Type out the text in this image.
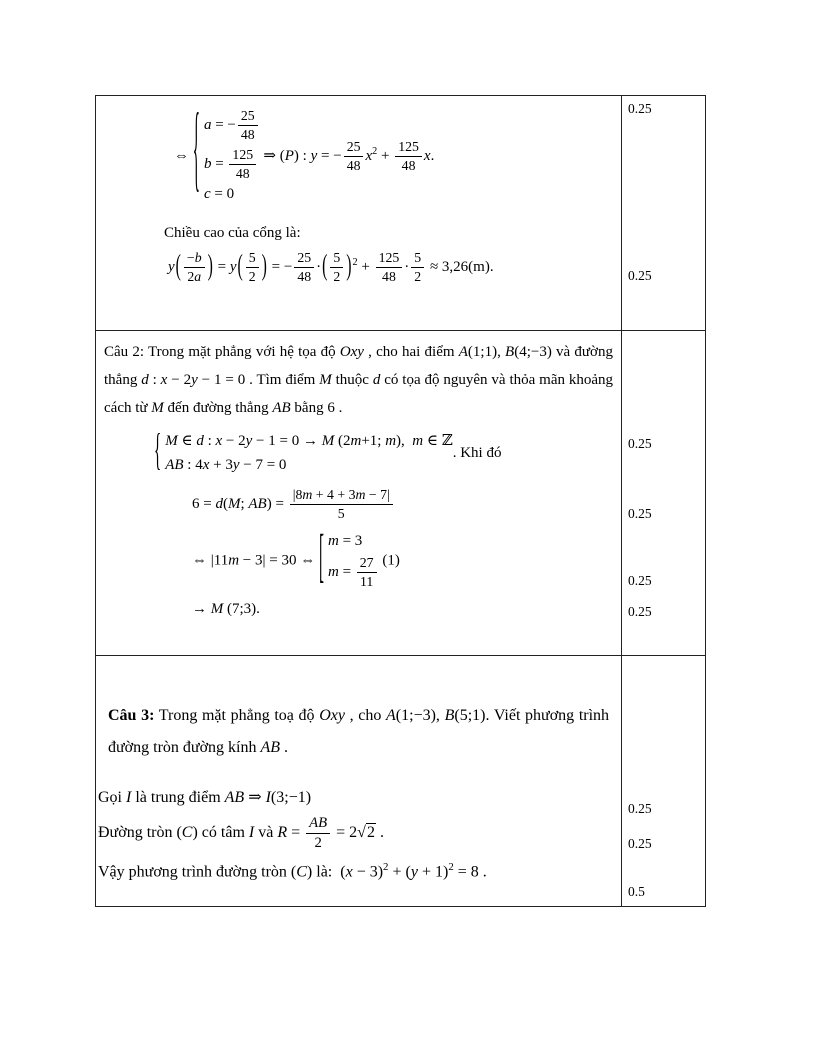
⇔ { a = − $\frac{25}{48}$
$b = \frac{125}{48}$
c = 0
⇒ (P) : y = − $\frac{25}{48} x^2 + \frac{125}{48} x$.
Chiều cao của cổng là:
$y( \frac{-b}{2a}$ ) = $y( \frac{5}{2}$ ) = − $\frac{25}{48}$ ·( $\frac{5}{2} )^2 + \frac{125}{48} \cdot \frac{5}{2} \approx 3,26(m)$.
0.25
0.25
Câu 2: Trong mặt phẳng với hệ tọa độ Oxy , cho hai điểm A(1;1), B(4;−3) và đường thẳng d : x − 2y − 1 = 0 . Tìm điểm M thuộc d có tọa độ nguyên và thỏa mãn khoảng cách từ M đến đường thẳng AB bằng 6 .
{ M ∈ d : x − 2y − 1 = 0 → M (2m+1; m),  m ∈ ℤ
AB : 4x + 3y − 7 = 0
. Khi đó
6 = d(M; $AB) = \frac{|8m + 4 + 3m - 7|}{5}$
⇔ |11m − 3| = 30 ⇔ [ m = 3
$m = \frac{27}{11} (1)$
→ M (7;3).
0.25
0.25
0.25
0.25
Câu 3: Trong mặt phẳng toạ độ Oxy , cho A(1;−3), B(5;1). Viết phương trình đường tròn đường kính AB .
Gọi I là trung điểm AB ⇒ I(3;−1)
Đường tròn (C) có tâm I và $R = \frac{AB}{2} = 2√2$ .
Vậy phương trình đường tròn (C) là:  $(x - 3)^2 + (y + 1)^2 = 8$ .
0.25
0.25
0.5
